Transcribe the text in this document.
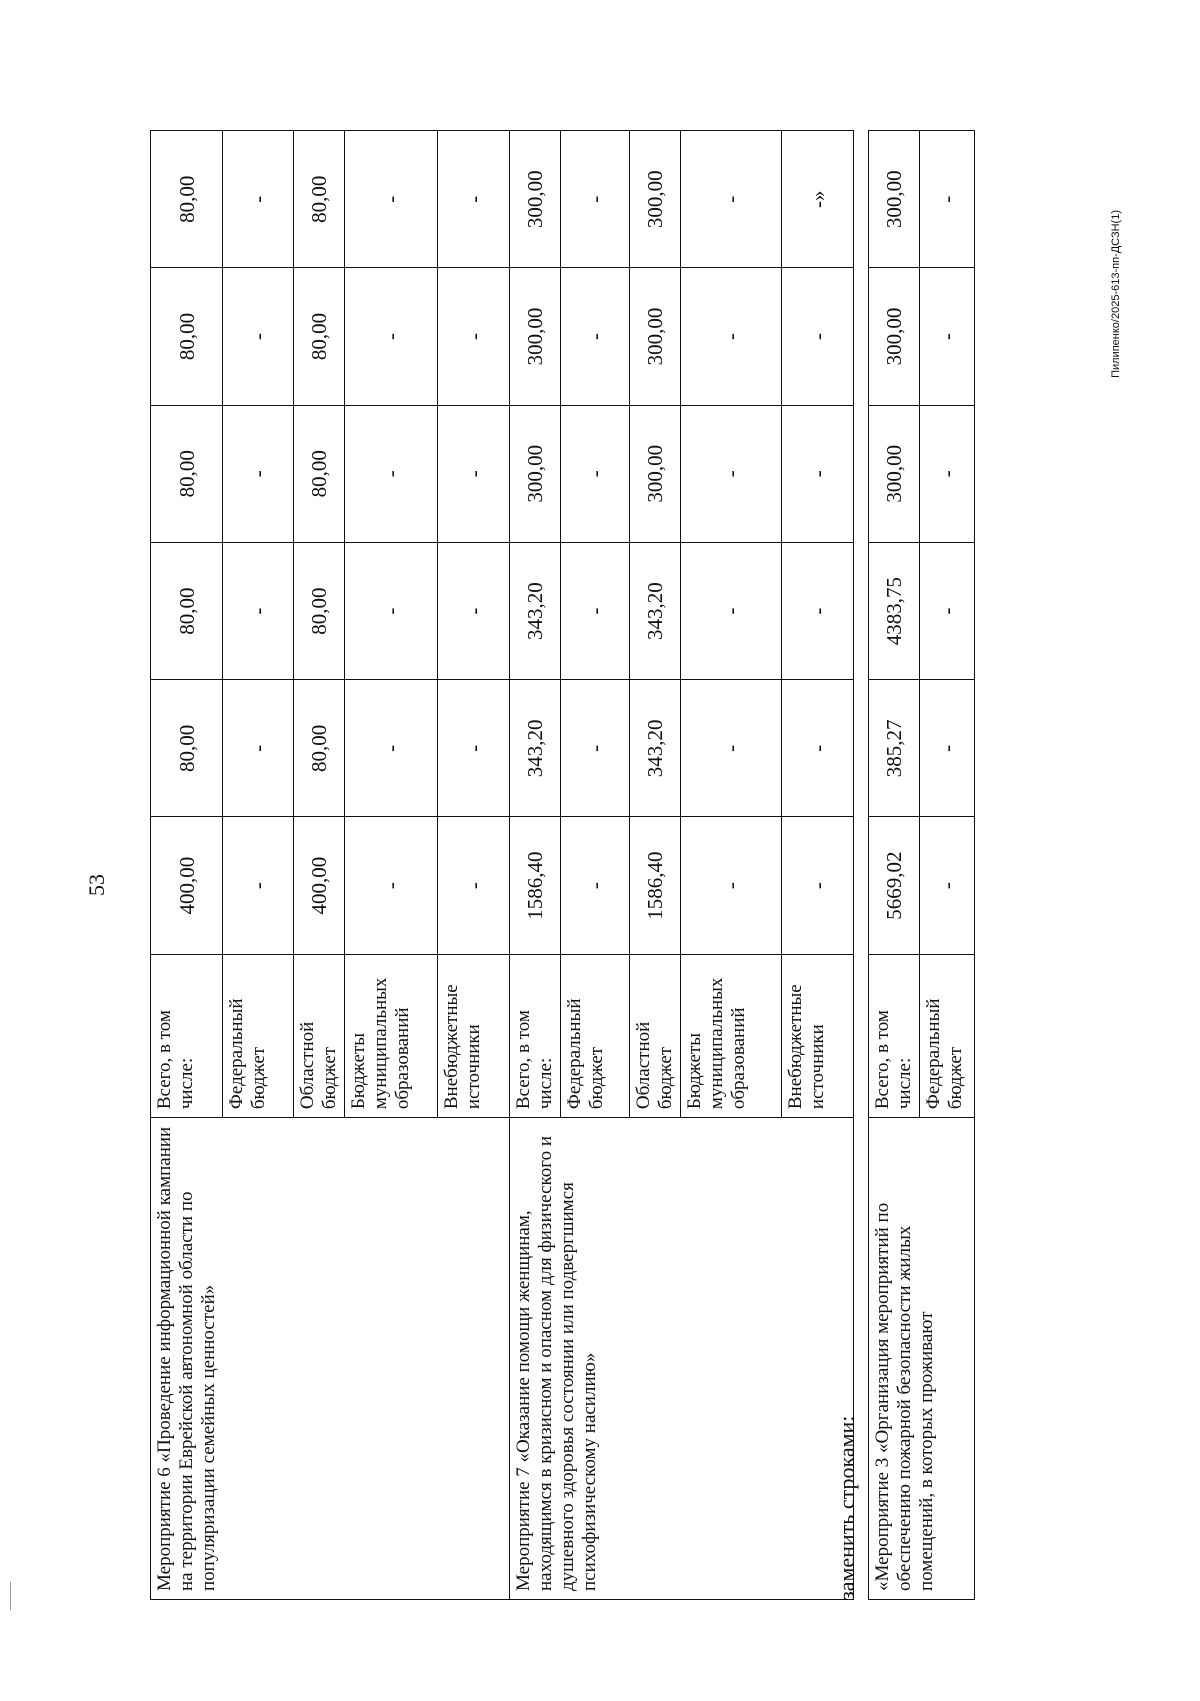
53
Пилипенко/2025-613-пп-ДСЗН(1)
Мероприятие 6 «Проведение информационной кампании на территории Еврейской автономной области по популяризации семейных ценностей»	Всего, в том числе:	400,00	80,00	80,00	80,00	80,00	80,00
	Федеральный бюджет	-	-	-	-	-	-
	Областной бюджет	400,00	80,00	80,00	80,00	80,00	80,00
	Бюджеты муниципальных образований	-	-	-	-	-	-
	Внебюджетные источники	-	-	-	-	-	-
Мероприятие 7 «Оказание помощи женщинам, находящимся в кризисном и опасном для физического и душевного здоровья состоянии или подвергшимся психофизическому насилию»	Всего, в том числе:	1586,40	343,20	343,20	300,00	300,00	300,00
	Федеральный бюджет	-	-	-	-	-	-
	Областной бюджет	1586,40	343,20	343,20	300,00	300,00	300,00
	Бюджеты муниципальных образований	-	-	-	-	-	-
	Внебюджетные источники	-	-	-	-	-	-»
заменить строками: «Мероприятие 3 «Организация мероприятий по обеспечению пожарной безопасности жилых помещений, в которых проживают	Всего, в том числе:	5669,02	385,27	4383,75	300,00	300,00	300,00
	Федеральный бюджет	-	-	-	-	-	-
